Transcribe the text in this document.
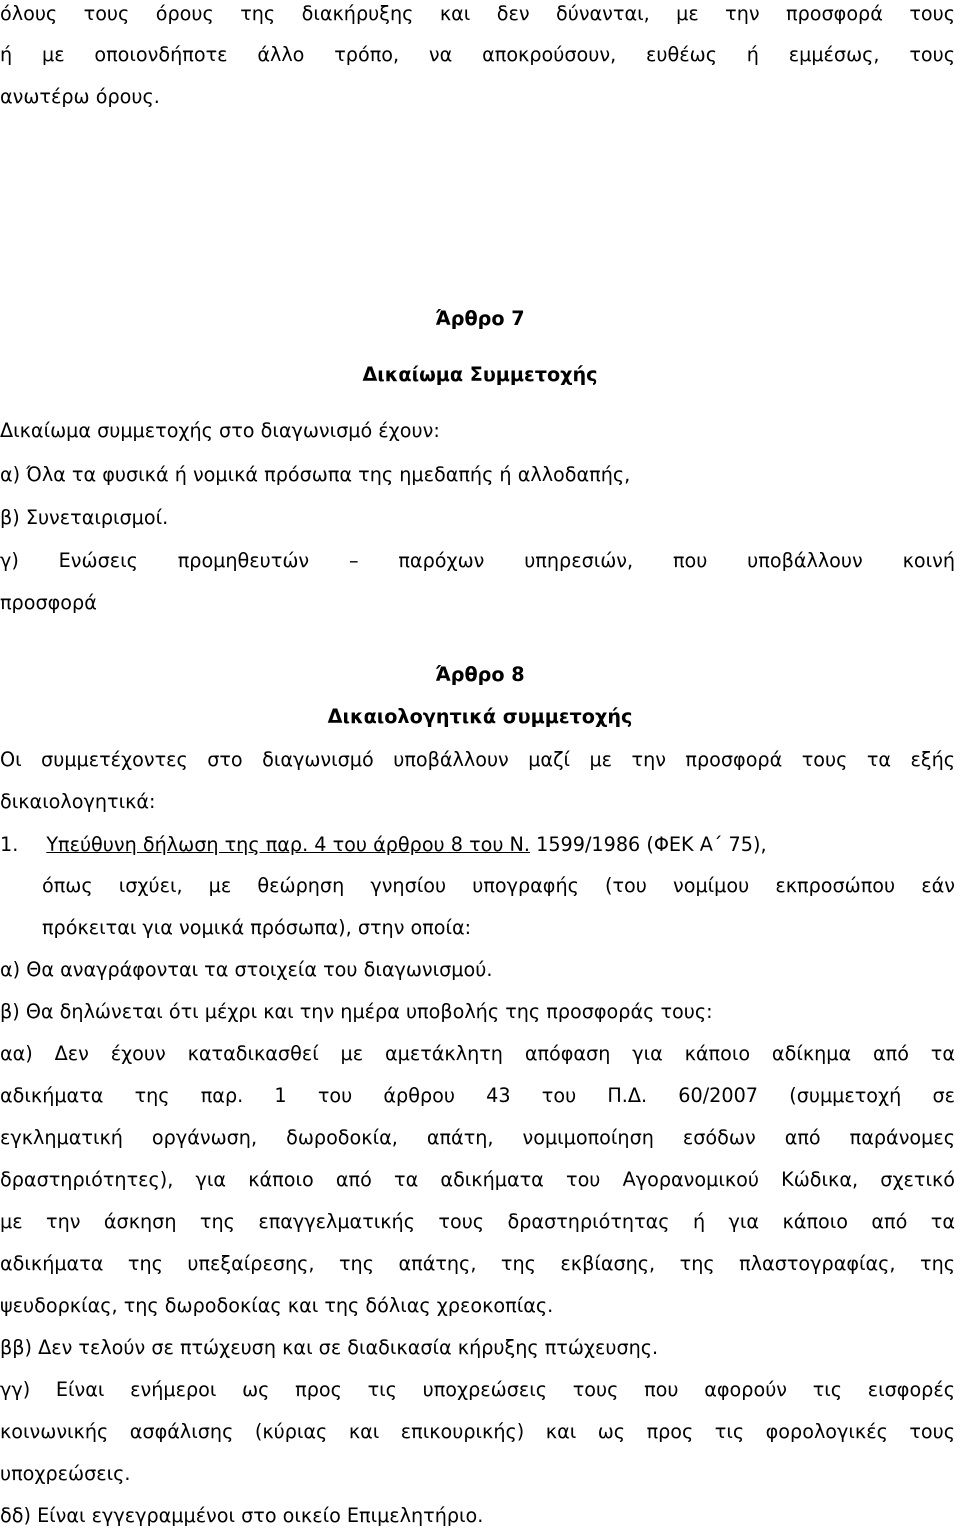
όλους τους όρους της διακήρυξης και δεν δύνανται, με την προσφορά τους
ή με οποιονδήποτε άλλο τρόπο, να αποκρούσουν, ευθέως ή εμμέσως, τους
ανωτέρω όρους.
Άρθρο 7
Δικαίωμα Συμμετοχής
Δικαίωμα συμμετοχής στο διαγωνισμό έχουν:
α) Όλα τα φυσικά ή νομικά πρόσωπα της ημεδαπής ή αλλοδαπής,
β) Συνεταιρισμοί.
γ) Ενώσεις προμηθευτών – παρόχων υπηρεσιών, που υποβάλλουν κοινή
προσφορά
Άρθρο 8
Δικαιολογητικά συμμετοχής
Οι συμμετέχοντες στο διαγωνισμό υποβάλλουν μαζί με την προσφορά τους τα εξής
δικαιολογητικά:
1. Υπεύθυνη δήλωση της παρ. 4 του άρθρου 8 του Ν. 1599/1986 (ΦΕΚ Α΄ 75),
όπως ισχύει, με θεώρηση γνησίου υπογραφής (του νομίμου εκπροσώπου εάν
πρόκειται για νομικά πρόσωπα), στην οποία:
α) Θα αναγράφονται τα στοιχεία του διαγωνισμού.
β) Θα δηλώνεται ότι μέχρι και την ημέρα υποβολής της προσφοράς τους:
αα) Δεν έχουν καταδικασθεί με αμετάκλητη απόφαση για κάποιο αδίκημα από τα
αδικήματα της παρ. 1 του άρθρου 43 του Π.Δ. 60/2007 (συμμετοχή σε
εγκληματική οργάνωση, δωροδοκία, απάτη, νομιμοποίηση εσόδων από παράνομες
δραστηριότητες), για κάποιο από τα αδικήματα του Αγορανομικού Κώδικα, σχετικό
με την άσκηση της επαγγελματικής τους δραστηριότητας ή για κάποιο από τα
αδικήματα της υπεξαίρεσης, της απάτης, της εκβίασης, της πλαστογραφίας, της
ψευδορκίας, της δωροδοκίας και της δόλιας χρεοκοπίας.
ββ) Δεν τελούν σε πτώχευση και σε διαδικασία κήρυξης πτώχευσης.
γγ) Είναι ενήμεροι ως προς τις υποχρεώσεις τους που αφορούν τις εισφορές
κοινωνικής ασφάλισης (κύριας και επικουρικής) και ως προς τις φορολογικές τους
υποχρεώσεις.
δδ) Είναι εγγεγραμμένοι στο οικείο Επιμελητήριο.
